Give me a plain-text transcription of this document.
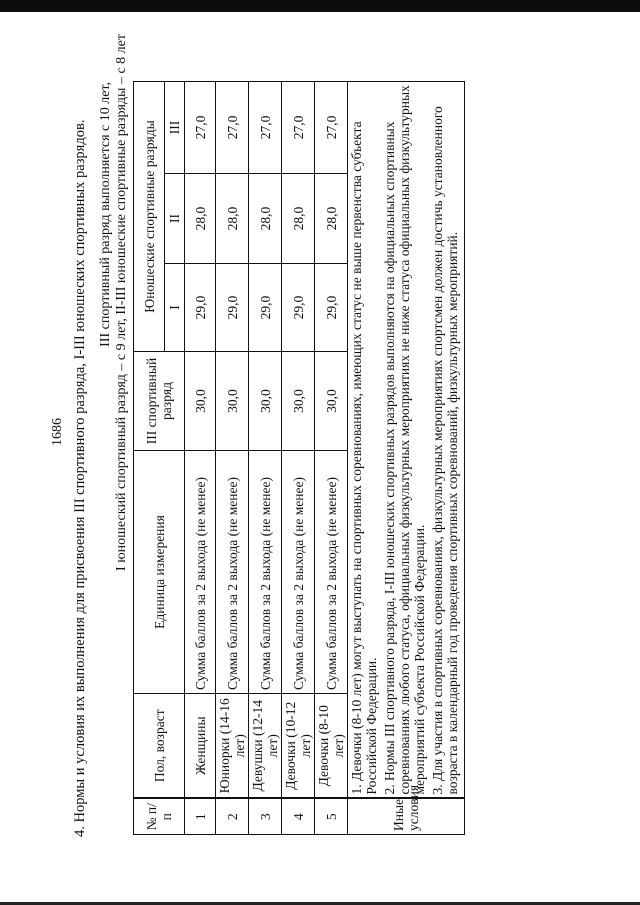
1686 4. Нормы и условия их выполнения для присвоения III спортивного разряда, I-III юношеских спортивных разрядов. III спортивный разряд выполняется с 10 лет, I юношеский спортивный разряд – с 9 лет, II-III юношеские спортивные разряды – с 8 лет
№ п/п	Пол, возраст	Единица измерения	III спортивный разряд	Юношеские спортивные разряды		
				I	II	III
1	Женщины	Сумма баллов за 2 выхода (не менее)	30,0	29,0	28,0	27,0
2	Юниорки (14-16 лет)	Сумма баллов за 2 выхода (не менее)	30,0	29,0	28,0	27,0
3	Девушки (12-14 лет)	Сумма баллов за 2 выхода (не менее)	30,0	29,0	28,0	27,0
4	Девочки (10-12 лет)	Сумма баллов за 2 выхода (не менее)	30,0	29,0	28,0	27,0
5	Девочки (8-10 лет)	Сумма баллов за 2 выхода (не менее)	30,0	29,0	28,0	27,0
Иные условия	1. Девочки (8-10 лет) могут выступать на спортивных соревнованиях, имеющих статус не выше первенства субъекта Российской Федерации. 2. Нормы III спортивного разряда, I-III юношеских спортивных разрядов выполняются на официальных спортивных соревнованиях любого статуса, официальных физкультурных мероприятиях не ниже статуса официальных физкультурных мероприятий субъекта Российской Федерации. 3. Для участия в спортивных соревнованиях, физкультурных мероприятиях спортсмен должен достичь установленного возраста в календарный год проведения спортивных соревнований, физкультурных мероприятий.					
